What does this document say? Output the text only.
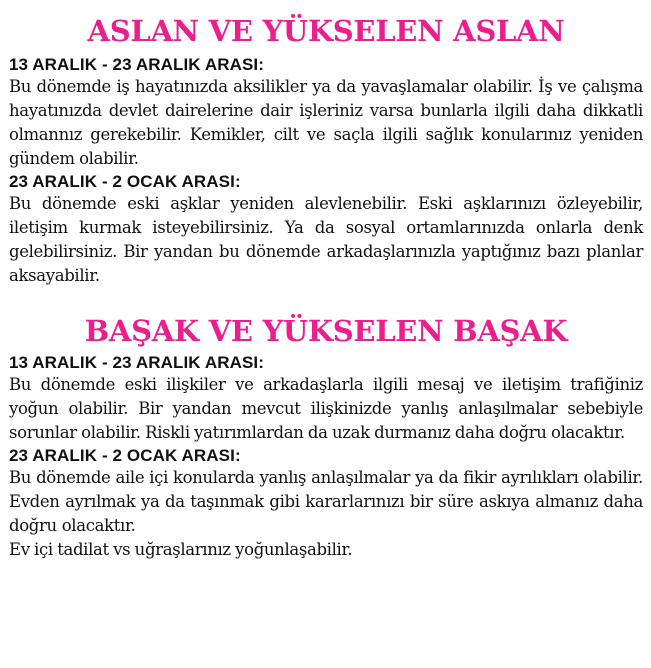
ASLAN VE YÜKSELEN ASLAN

13 ARALIK - 23 ARALIK ARASI:

Bu dönemde iş hayatınızda aksilikler ya da yavaşlamalar olabilir. İş ve çalışma hayatınızda devlet dairelerine dair işleriniz varsa bunlarla ilgili daha dikkatli olmannız gerekebilir. Kemikler, cilt ve saçla ilgili sağlık konularınız yeniden gündem olabilir.

23 ARALIK - 2 OCAK ARASI:

Bu dönemde eski aşklar yeniden alevlenebilir. Eski aşklarınızı özleyebilir, iletişim kurmak isteyebilirsiniz. Ya da sosyal ortamlarınızda onlarla denk gelebilirsiniz. Bir yandan bu dönemde arkadaşlarınızla yaptığınız bazı planlar aksayabilir.

BAŞAK VE YÜKSELEN BAŞAK

13 ARALIK - 23 ARALIK ARASI:

Bu dönemde eski ilişkiler ve arkadaşlarla ilgili mesaj ve iletişim trafiğiniz yoğun olabilir. Bir yandan mevcut ilişkinizde yanlış anlaşılmalar sebebiyle sorunlar olabilir. Riskli yatırımlardan da uzak durmanız daha doğru olacaktır.

23 ARALIK - 2 OCAK ARASI:

Bu dönemde aile içi konularda yanlış anlaşılmalar ya da fikir ayrılıkları olabilir. Evden ayrılmak ya da taşınmak gibi kararlarınızı bir süre askıya almanız daha doğru olacaktır.

Ev içi tadilat vs uğraşlarınız yoğunlaşabilir.
